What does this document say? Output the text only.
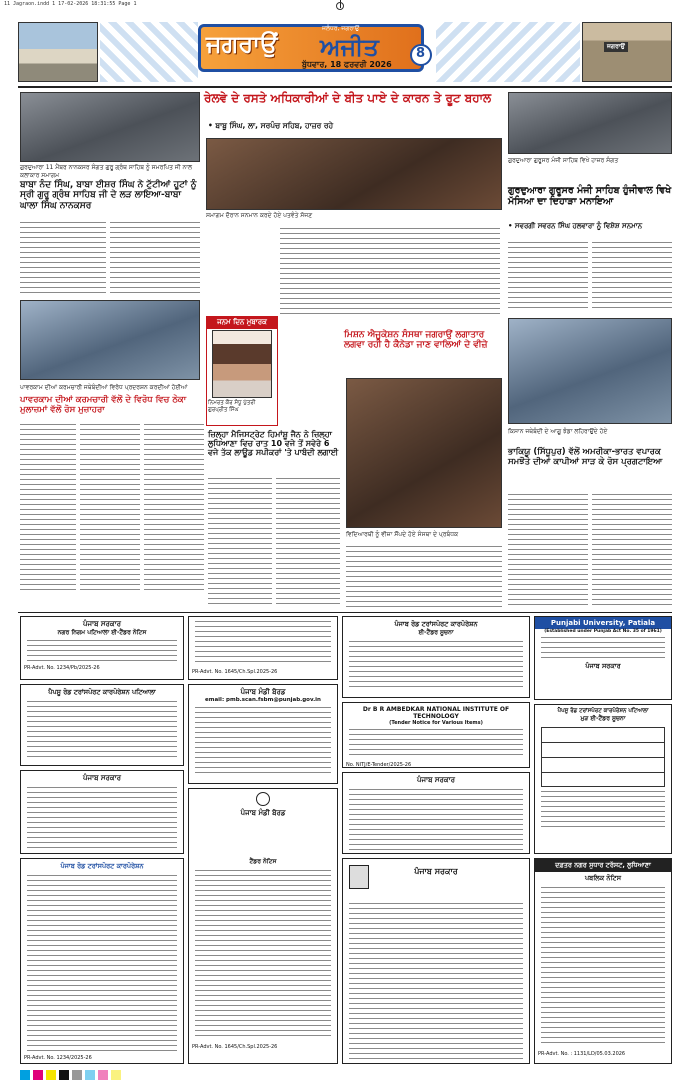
11 Jagraon.indd 1 17-02-2026 18:31:55 Page 1
ਜਗਰਾਉਂ ਅਜੀਤ
ਜਲੰਧਰ, ਜਗਰਾਉਂ
ਬੁੱਧਵਾਰ, 18 ਫਰਵਰੀ 2026
8	ਜਗਰਾਉਂ
ਗੁਰਦੁਆਰਾ 11 ਮੈਂਬਰ ਨਾਨਕਸਰ ਸੰਗਤ ਗੁਰੂ ਗ੍ਰੰਥ ਸਾਹਿਬ ਨੂੰ ਸਮਰਪਿਤ ਜੀ ਨਾਲ ਕਲਾਕਾਰ ਸਮਾਗਮ
ਰੇਲਵੇ ਦੇ ਰਸਤੇ ਅਧਿਕਾਰੀਆਂ ਦੇ ਬੀਤ ਪਾਏ ਦੇ ਕਾਰਨ ਤੇ ਰੂਟ ਬਹਾਲ
• ਬਾਬੂ ਸਿੰਘ, ਲਾ, ਸਰਪੰਚ ਸਹਿਬ, ਹਾਜ਼ਰ ਰਹੇ
ਸਮਾਗਮ ਦੌਰਾਨ ਸਨਮਾਨ ਕਰਦੇ ਹੋਏ ਪਤਵੰਤੇ ਸੱਜਣ
ਗੁਰਦੁਆਰਾ ਗੁਰੂਸਰ ਮੰਜੀ ਸਾਹਿਬ ਵਿਖੇ ਹਾਜ਼ਰ ਸੰਗਤ
ਗੁਰਦੁਆਰਾ ਗੁਰੂਸਰ ਮੰਜੀ ਸਾਹਿਬ ਹੁੰਜੀਵਾਲ ਵਿਖੇ ਮੱਸਿਆ ਦਾ ਦਿਹਾੜਾ ਮਨਾਇਆ
• ਸਵਰਗੀ ਸਵਰਨ ਸਿੰਘ ਹਲਵਾਰਾ ਨੂੰ ਵਿਸ਼ੇਸ਼ ਸਨਮਾਨ
ਬਾਬਾ ਨੰਦ ਸਿੰਘ, ਬਾਬਾ ਈਸ਼ਰ ਸਿੰਘ ਨੇ ਟੁੱਟੀਆਂ ਹੂਟਾਂ ਨੂੰ ਸ੍ਰੀ ਗੁਰੂ ਗ੍ਰੰਥ ਸਾਹਿਬ ਜੀ ਦੇ ਲੜ ਲਾਇਆ-ਬਾਬਾ ਘਾਲਾ ਸਿੰਘ ਨਾਨਕਸਰ
ਜਨਮ ਦਿਨ ਮੁਬਾਰਕ
ਨਿਮਰਤ ਕੌਰ ਸੰਧੂ ਪੁੱਤਰੀ ਗੁਰਪ੍ਰੀਤ ਸਿੰਘ
ਪਾਵਰਕਾਮ ਦੀਆਂ ਕਰਮਚਾਰੀ ਜਥੇਬੰਦੀਆਂ ਵਿਰੋਧ ਪ੍ਰਦਰਸ਼ਨ ਕਰਦੀਆਂ ਹੋਈਆਂ
ਪਾਵਰਕਾਮ ਦੀਆਂ ਕਰਮਚਾਰੀ ਵੱਲੋਂ ਦੇ ਵਿਰੋਧ ਵਿਚ ਠੇਕਾ ਮੁਲਾਜ਼ਮਾਂ ਵੱਲੋਂ ਰੋਸ ਮੁਜ਼ਾਹਰਾ
ਮਿਸ਼ਨ ਐਜੂਕੇਸ਼ਨ ਸੰਸਥਾ ਜਗਰਾਉਂ ਲਗਾਤਾਰ ਲਗਵਾ ਰਹੀ ਹੈ ਕੈਨੇਡਾ ਜਾਣ ਵਾਲਿਆਂ ਦੇ ਵੀਜ਼ੇ
ਵਿਦਿਆਰਥੀ ਨੂੰ ਵੀਜ਼ਾ ਸੌਂਪਦੇ ਹੋਏ ਸੰਸਥਾ ਦੇ ਪ੍ਰਬੰਧਕ
ਜ਼ਿਲ੍ਹਾ ਮੈਜਿਸਟ੍ਰੇਟ ਹਿਮਾਂਸ਼ੂ ਜੈਨ ਨੇ ਜ਼ਿਲ੍ਹਾ ਲੁਧਿਆਣਾ ਵਿਚ ਰਾਤ 10 ਵਜੇ ਤੋਂ ਸਵੇਰੇ 6 ਵਜੇ ਤੱਕ ਲਾਊਡ ਸਪੀਕਰਾਂ 'ਤੇ ਪਾਬੰਦੀ ਲਗਾਈ
ਕਿਸਾਨ ਜਥੇਬੰਦੀ ਦੇ ਆਗੂ ਝੰਡਾ ਲਹਿਰਾਉਂਦੇ ਹੋਏ
ਭਾਕਿਯੂ (ਸਿੱਧੂਪੁਰ) ਵੱਲੋਂ ਅਮਰੀਕਾ-ਭਾਰਤ ਵਪਾਰਕ ਸਮਝੌਤੇ ਦੀਆਂ ਕਾਪੀਆਂ ਸਾੜ ਕੇ ਰੋਸ ਪ੍ਰਗਟਾਇਆ
ਪੰਜਾਬ ਸਰਕਾਰ
ਨਗਰ ਨਿਗਮ ਪਟਿਆਲਾ ਈ-ਟੈਂਡਰ ਨੋਟਿਸ
PR-Advt. No. 1234/Pb/2025-26
ਪੈਪਸੂ ਰੋਡ ਟਰਾਂਸਪੋਰਟ ਕਾਰਪੋਰੇਸ਼ਨ ਪਟਿਆਲਾ
ਪੰਜਾਬ ਸਰਕਾਰ
ਪੰਜਾਬ ਰੋਡ ਟਰਾਂਸਪੋਰਟ ਕਾਰਪੋਰੇਸ਼ਨ
PR-Advt. No. 1234/2025-26
PR-Advt. No. 1645/Ch.Spl.2025-26
ਪੰਜਾਬ ਮੰਡੀ ਬੋਰਡ
email: pmb.scan.fsbm@punjab.gov.in
ਪੰਜਾਬ ਮੰਡੀ ਬੋਰਡ
ਟੈਂਡਰ ਨੋਟਿਸ
PR-Advt. No. 1645/Ch.Spl.2025-26
ਪੰਜਾਬ ਰੋਡ ਟਰਾਂਸਪੋਰਟ ਕਾਰਪੋਰੇਸ਼ਨ
ਈ-ਟੈਂਡਰ ਸੂਚਨਾ
Dr B R AMBEDKAR NATIONAL INSTITUTE OF TECHNOLOGY
(Tender Notice for Various Items)
No. NITJ/E-Tender/2025-26
ਪੰਜਾਬ ਸਰਕਾਰ
ਪੰਜਾਬ ਸਰਕਾਰ
Punjabi University, Patiala
(Established under Punjab Act No. 35 of 1961)
ਪੰਜਾਬ ਸਰਕਾਰ
ਪੈਪਸੂ ਰੋਡ ਟਰਾਂਸਪੋਰਟ ਕਾਰਪੋਰੇਸ਼ਨ ਪਟਿਆਲਾ
ਮੁੜ ਈ-ਟੈਂਡਰ ਸੂਚਨਾ
ਦਫ਼ਤਰ ਨਗਰ ਸੁਧਾਰ ਟਰੱਸਟ, ਲੁਧਿਆਣਾ
ਪਬਲਿਕ ਨੋਟਿਸ
PR-Advt. No. : 1131/LD/05.03.2026
